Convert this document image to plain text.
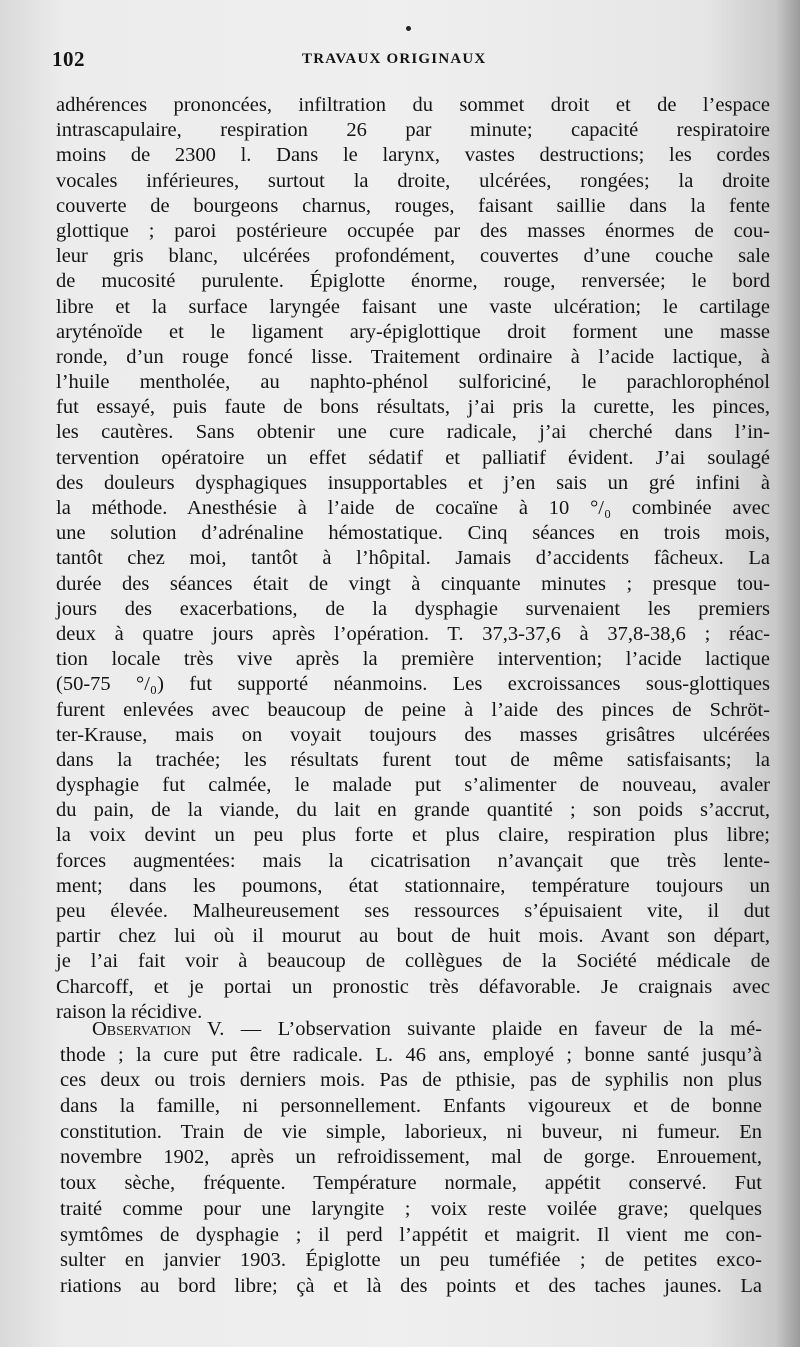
102	TRAVAUX ORIGINAUX
adhérences prononcées, infiltration du sommet droit et de l’espace
intrascapulaire, respiration 26 par minute; capacité respiratoire
moins de 2300 l. Dans le larynx, vastes destructions; les cordes
vocales inférieures, surtout la droite, ulcérées, rongées; la droite
couverte de bourgeons charnus, rouges, faisant saillie dans la fente
glottique ; paroi postérieure occupée par des masses énormes de cou-
leur gris blanc, ulcérées profondément, couvertes d’une couche sale
de mucosité purulente. Épiglotte énorme, rouge, renversée; le bord
libre et la surface laryngée faisant une vaste ulcération; le cartilage
aryténoïde et le ligament ary-épiglottique droit forment une masse
ronde, d’un rouge foncé lisse. Traitement ordinaire à l’acide lactique, à
l’huile mentholée, au naphto-phénol sulforiciné, le parachlorophénol
fut essayé, puis faute de bons résultats, j’ai pris la curette, les pinces,
les cautères. Sans obtenir une cure radicale, j’ai cherché dans l’in-
tervention opératoire un effet sédatif et palliatif évident. J’ai soulagé
des douleurs dysphagiques insupportables et j’en sais un gré infini à
la méthode. Anesthésie à l’aide de cocaïne à 10 °/₀ combinée avec
une solution d’adrénaline hémostatique. Cinq séances en trois mois,
tantôt chez moi, tantôt à l’hôpital. Jamais d’accidents fâcheux. La
durée des séances était de vingt à cinquante minutes ; presque tou-
jours des exacerbations, de la dysphagie survenaient les premiers
deux à quatre jours après l’opération. T. 37,3-37,6 à 37,8-38,6 ; réac-
tion locale très vive après la première intervention; l’acide lactique
(50-75 °/₀) fut supporté néanmoins. Les excroissances sous-glottiques
furent enlevées avec beaucoup de peine à l’aide des pinces de Schröt-
ter-Krause, mais on voyait toujours des masses grisâtres ulcérées
dans la trachée; les résultats furent tout de même satisfaisants; la
dysphagie fut calmée, le malade put s’alimenter de nouveau, avaler
du pain, de la viande, du lait en grande quantité ; son poids s’accrut,
la voix devint un peu plus forte et plus claire, respiration plus libre;
forces augmentées: mais la cicatrisation n’avançait que très lente-
ment; dans les poumons, état stationnaire, température toujours un
peu élevée. Malheureusement ses ressources s’épuisaient vite, il dut
partir chez lui où il mourut au bout de huit mois. Avant son départ,
je l’ai fait voir à beaucoup de collègues de la Société médicale de
Charcoff, et je portai un pronostic très défavorable. Je craignais avec
raison la récidive.
Observation V. — L’observation suivante plaide en faveur de la mé-
thode ; la cure put être radicale. L. 46 ans, employé ; bonne santé jusqu’à
ces deux ou trois derniers mois. Pas de pthisie, pas de syphilis non plus
dans la famille, ni personnellement. Enfants vigoureux et de bonne
constitution. Train de vie simple, laborieux, ni buveur, ni fumeur. En
novembre 1902, après un refroidissement, mal de gorge. Enrouement,
toux sèche, fréquente. Température normale, appétit conservé. Fut
traité comme pour une laryngite ; voix reste voilée grave; quelques
symtômes de dysphagie ; il perd l’appétit et maigrit. Il vient me con-
sulter en janvier 1903. Épiglotte un peu tuméfiée ; de petites exco-
riations au bord libre; çà et là des points et des taches jaunes. La
